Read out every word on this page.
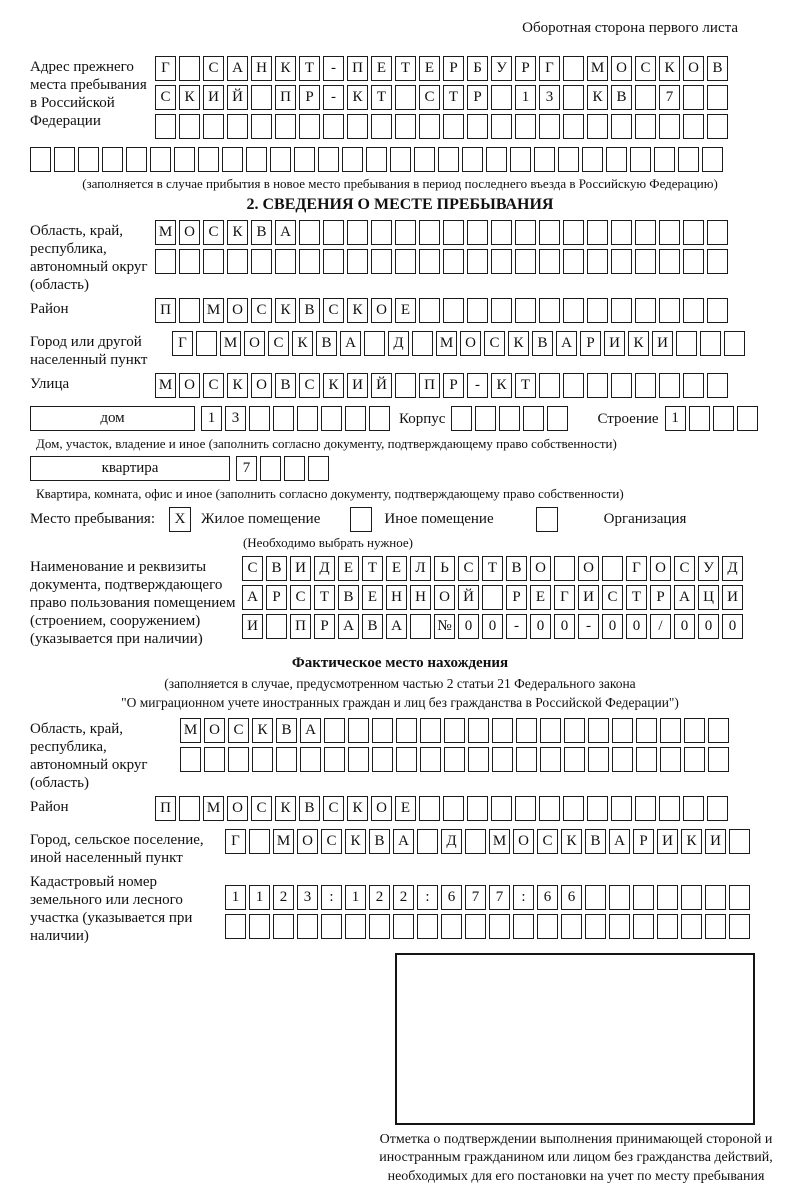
Оборотная сторона первого листа
Адрес прежнего места пребывания в Российской Федерации
Г	С А Н К Т - П Е Т Е Р Б У Р Г М О С К О В
С К И Й П Р - К Т	С Т Р	1 3	К В	7
(заполняется в случае прибытия в новое место пребывания в период последнего въезда в Российскую Федерацию)
2. СВЕДЕНИЯ О МЕСТЕ ПРЕБЫВАНИЯ
Область, край, республика, автономный округ (область)
М О С К В А
Район	П М О С К В С К О Е
Город или другой населенный пункт
Г М О С К В А Д М О С К В А Р И К И
Улица	М О С К О В С К И Й П Р - К Т
дом	1 3	Корпус	Строение 1
Дом, участок, владение и иное (заполнить согласно документу, подтверждающему право собственности)
квартира	7
Квартира, комната, офис и иное (заполнить согласно документу, подтверждающему право собственности)
Место пребывания:	X	Жилое помещение	Иное помещение	Организация
(Необходимо выбрать нужное)
Наименование и реквизиты документа, подтверждающего право пользования помещением (строением, сооружением) (указывается при наличии)
С В И Д Е Т Е Л Ь С Т В О О	Г О С У Д
А Р С Т В Е Н Н О Й	Р Е Г И С Т Р А Ц И
И П Р А В А № 0 0 - 0 0 - 0 0 / 0 0 0
Фактическое место нахождения
(заполняется в случае, предусмотренном частью 2 статьи 21 Федерального закона
"О миграционном учете иностранных граждан и лиц без гражданства в Российской Федерации")
Область, край, республика, автономный округ (область)
М О С К В А
Район	П М О С К В С К О Е
Город, сельское поселение, иной населенный пункт
Г М О С К В А Д М О С К В А Р И К И
Кадастровый номер земельного или лесного участка (указывается при наличии)
1 1 2 3 : 1 2 2 : 6 7 7 : 6 6
Отметка о подтверждении выполнения принимающей стороной и иностранным гражданином или лицом без гражданства действий, необходимых для его постановки на учет по месту пребывания
